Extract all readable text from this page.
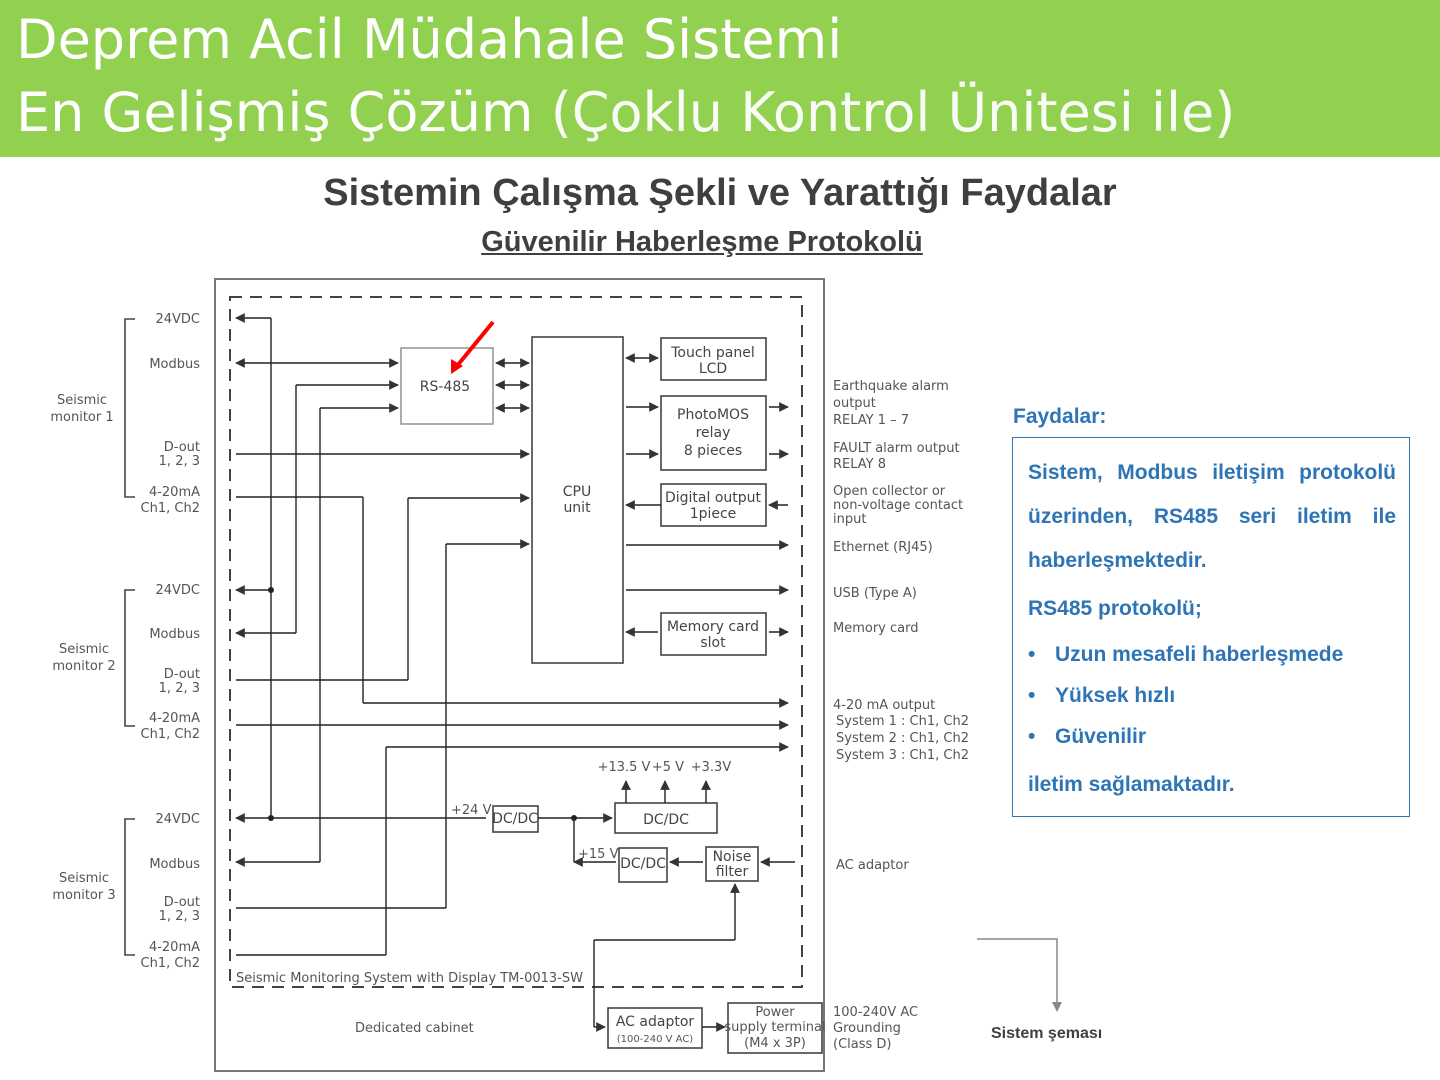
Deprem Acil Müdahale Sistemi
En Gelişmiş Çözüm (Çoklu Kontrol Ünitesi ile)
Sistemin Çalışma Şekli ve Yarattığı Faydalar
Güvenilir Haberleşme Protokolü
24VDC
Modbus
D-out
1, 2, 3
4-20mA
Ch1, Ch2
Seismic
monitor 1
24VDC
Modbus
D-out
1, 2, 3
4-20mA
Ch1, Ch2
Seismic
monitor 2
24VDC
Modbus
D-out
1, 2, 3
4-20mA
Ch1, Ch2
Seismic
monitor 3
RS-485
CPU
unit
Touch panel
LCD
PhotoMOS
relay
8 pieces
Digital output
1piece
Memory card
slot
Earthquake alarm
output
RELAY 1 – 7
FAULT alarm output
RELAY 8
Open collector or
non-voltage contact
input
Ethernet (RJ45)
USB (Type A)
Memory card
4-20 mA output
System 1 : Ch1, Ch2
System 2 : Ch1, Ch2
System 3 : Ch1, Ch2
AC adaptor
100-240V AC
Grounding
(Class D)
+24 V
+15 V
DC/DC
DC/DC
DC/DC
+13.5 V +5 V +3.3V
Noise
filter
Seismic Monitoring System with Display TM-0013-SW
Dedicated cabinet	AC adaptor
(100-240 V AC)
Power
supply terminal
(M4 x 3P)
Faydalar:

Sistem, Modbus iletişim protokolü üzerinden, RS485 seri iletim ile haberleşmektedir.

RS485 protokolü;

• Uzun mesafeli haberleşmede

• Yüksek hızlı

• Güvenilir

iletim sağlamaktadır.

Sistem şeması
